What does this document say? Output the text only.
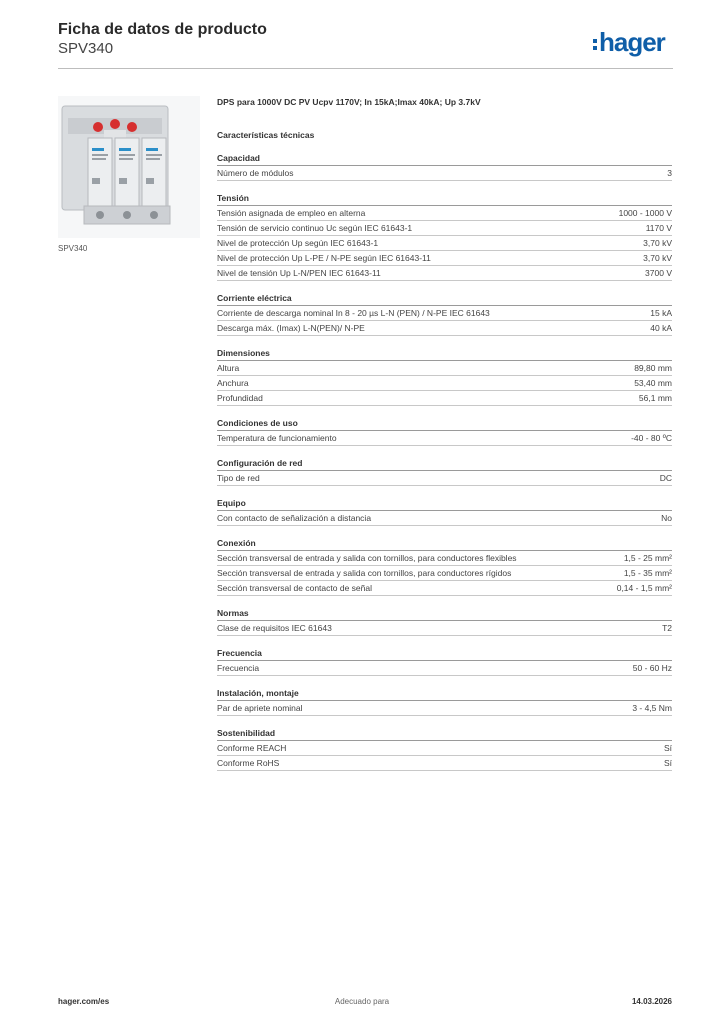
Ficha de datos de producto
SPV340	hager
SPV340
DPS para 1000V DC PV Ucpv 1170V; In 15kA;Imax 40kA; Up 3.7kV
Características técnicas
Capacidad
Número de módulos	3
Tensión
Tensión asignada de empleo en alterna	1000 - 1000 V
Tensión de servicio continuo Uc según IEC 61643-1	1170 V
Nivel de protección Up según IEC 61643-1	3,70 kV
Nivel de protección Up L-PE / N-PE según IEC 61643-11	3,70 kV
Nivel de tensión Up L-N/PEN IEC 61643-11	3700 V
Corriente eléctrica
Corriente de descarga nominal In 8 - 20 µs L-N (PEN) / N-PE IEC 61643	15 kA
Descarga máx. (Imax) L-N(PEN)/ N-PE	40 kA
Dimensiones
Altura	89,80 mm
Anchura	53,40 mm
Profundidad	56,1 mm
Condiciones de uso
Temperatura de funcionamiento	-40 - 80 ºC
Configuración de red
Tipo de red	DC
Equipo
Con contacto de señalización a distancia	No
Conexión
Sección transversal de entrada y salida con tornillos, para conductores flexibles	1,5 - 25 mm²
Sección transversal de entrada y salida con tornillos, para conductores rígidos	1,5 - 35 mm²
Sección transversal de contacto de señal	0,14 - 1,5 mm²
Normas
Clase de requisitos IEC 61643	T2
Frecuencia
Frecuencia	50 - 60 Hz
Instalación, montaje
Par de apriete nominal	3 - 4,5 Nm
Sostenibilidad
Conforme REACH	Sí
Conforme RoHS	Sí
hager.com/es	Adecuado para	14.03.2026
